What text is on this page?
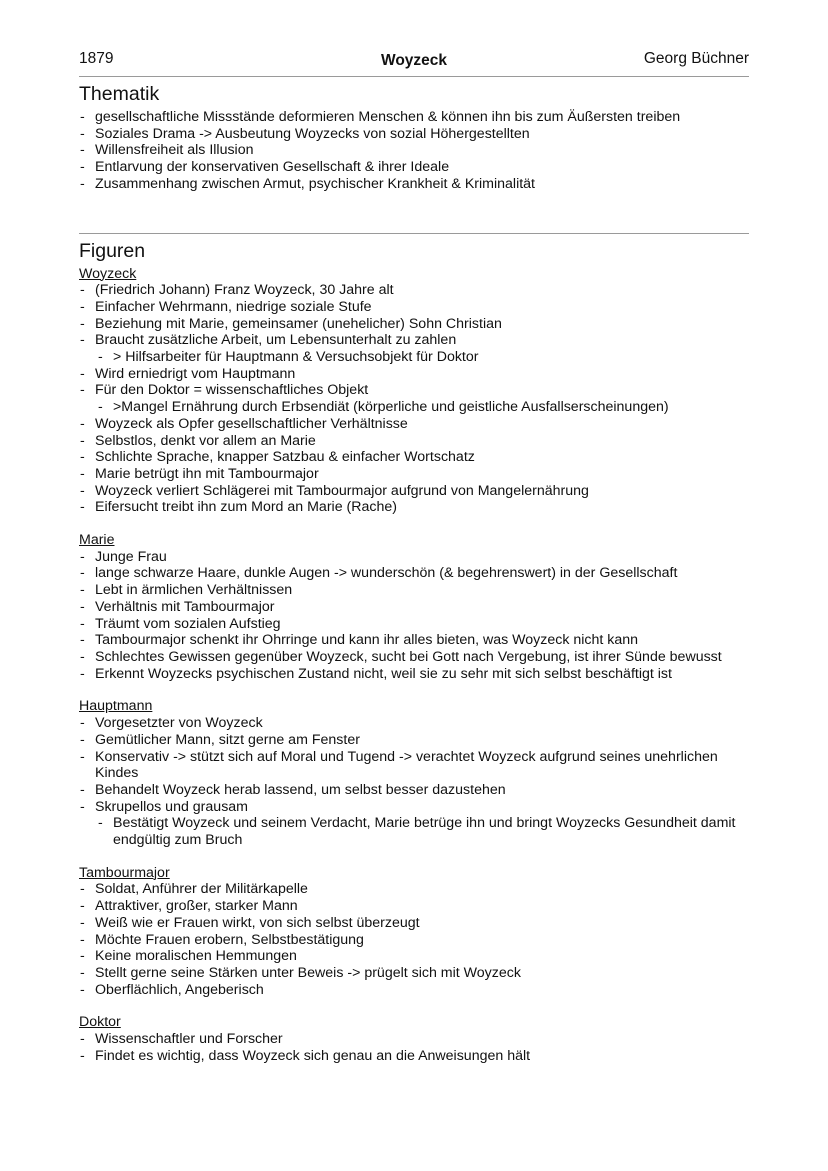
1879	Woyzeck	Georg Büchner
Thematik
- gesellschaftliche Missstände deformieren Menschen & können ihn bis zum Äußersten treiben
- Soziales Drama -> Ausbeutung Woyzecks von sozial Höhergestellten
- Willensfreiheit als Illusion
- Entlarvung der konservativen Gesellschaft & ihrer Ideale
- Zusammenhang zwischen Armut, psychischer Krankheit & Kriminalität
Figuren
Woyzeck
- (Friedrich Johann) Franz Woyzeck, 30 Jahre alt
- Einfacher Wehrmann, niedrige soziale Stufe
- Beziehung mit Marie, gemeinsamer (unehelicher) Sohn Christian
- Braucht zusätzliche Arbeit, um Lebensunterhalt zu zahlen
- > Hilfsarbeiter für Hauptmann & Versuchsobjekt für Doktor
- Wird erniedrigt vom Hauptmann
- Für den Doktor = wissenschaftliches Objekt
- >Mangel Ernährung durch Erbsendiät (körperliche und geistliche Ausfallserscheinungen)
- Woyzeck als Opfer gesellschaftlicher Verhältnisse
- Selbstlos, denkt vor allem an Marie
- Schlichte Sprache, knapper Satzbau & einfacher Wortschatz
- Marie betrügt ihn mit Tambourmajor
- Woyzeck verliert Schlägerei mit Tambourmajor aufgrund von Mangelernährung
- Eifersucht treibt ihn zum Mord an Marie (Rache)
Marie
- Junge Frau
- lange schwarze Haare, dunkle Augen -> wunderschön (& begehrenswert) in der Gesellschaft
- Lebt in ärmlichen Verhältnissen
- Verhältnis mit Tambourmajor
- Träumt vom sozialen Aufstieg
- Tambourmajor schenkt ihr Ohrringe und kann ihr alles bieten, was Woyzeck nicht kann
- Schlechtes Gewissen gegenüber Woyzeck, sucht bei Gott nach Vergebung, ist ihrer Sünde bewusst
- Erkennt Woyzecks psychischen Zustand nicht, weil sie zu sehr mit sich selbst beschäftigt ist
Hauptmann
- Vorgesetzter von Woyzeck
- Gemütlicher Mann, sitzt gerne am Fenster
- Konservativ -> stützt sich auf Moral und Tugend -> verachtet Woyzeck aufgrund seines unehrlichen Kindes
- Behandelt Woyzeck herab lassend, um selbst besser dazustehen
- Skrupellos und grausam
- Bestätigt Woyzeck und seinem Verdacht, Marie betrüge ihn und bringt Woyzecks Gesundheit damit endgültig zum Bruch
Tambourmajor
- Soldat, Anführer der Militärkapelle
- Attraktiver, großer, starker Mann
- Weiß wie er Frauen wirkt, von sich selbst überzeugt
- Möchte Frauen erobern, Selbstbestätigung
- Keine moralischen Hemmungen
- Stellt gerne seine Stärken unter Beweis -> prügelt sich mit Woyzeck
- Oberflächlich, Angeberisch
Doktor
- Wissenschaftler und Forscher
- Findet es wichtig, dass Woyzeck sich genau an die Anweisungen hält
